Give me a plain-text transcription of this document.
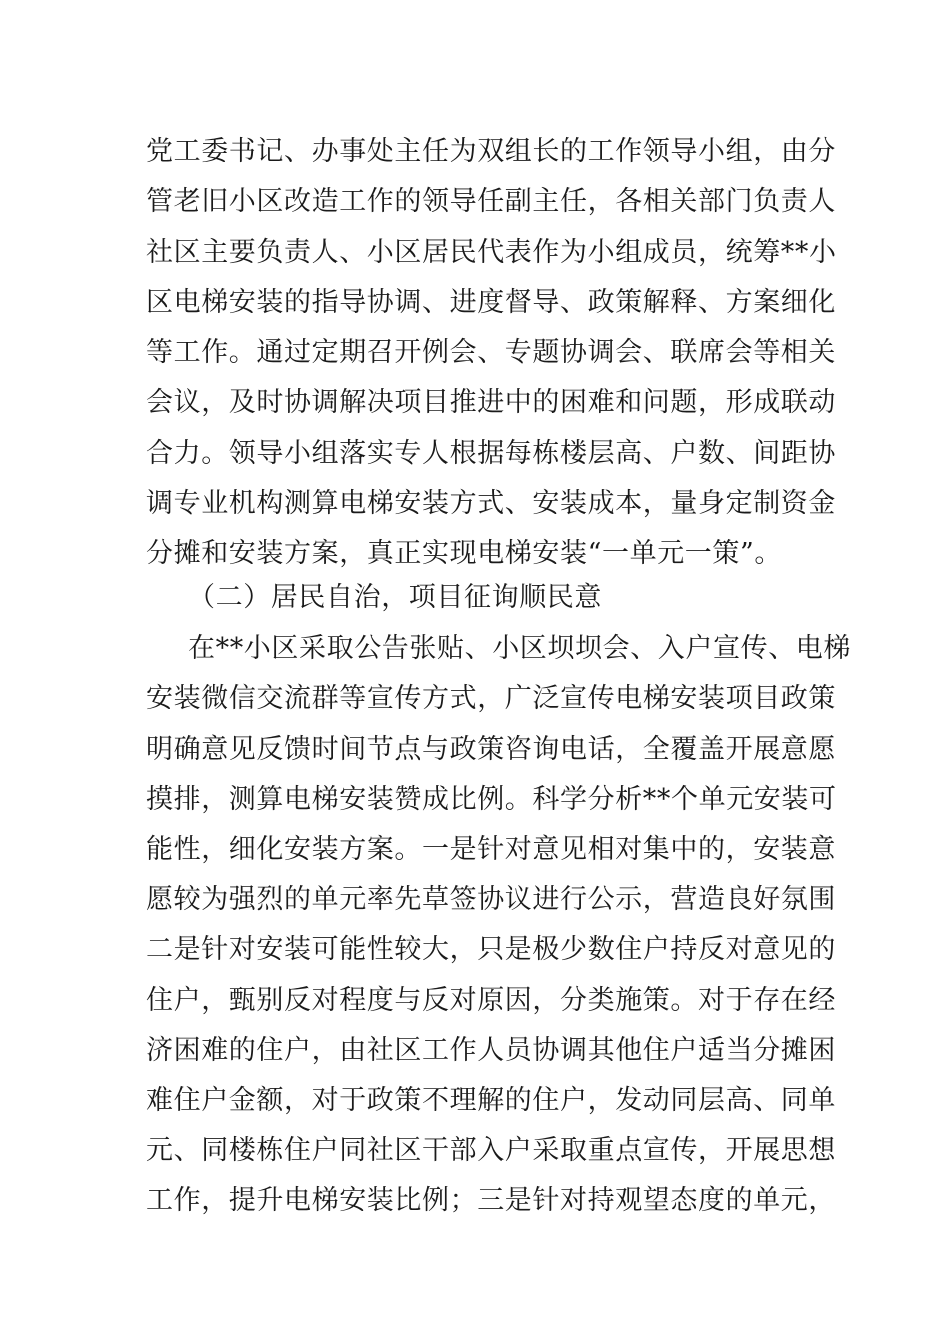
党工委书记、办事处主任为双组长的工作领导小组，由分
管老旧小区改造工作的领导任副主任，各相关部门负责人
社区主要负责人、小区居民代表作为小组成员，统筹**小
区电梯安装的指导协调、进度督导、政策解释、方案细化
等工作。通过定期召开例会、专题协调会、联席会等相关
会议，及时协调解决项目推进中的困难和问题，形成联动
合力。领导小组落实专人根据每栋楼层高、户数、间距协
调专业机构测算电梯安装方式、安装成本，量身定制资金
分摊和安装方案，真正实现电梯安装“一单元一策”。
（二）居民自治，项目征询顺民意
在**小区采取公告张贴、小区坝坝会、入户宣传、电梯
安装微信交流群等宣传方式，广泛宣传电梯安装项目政策
明确意见反馈时间节点与政策咨询电话，全覆盖开展意愿
摸排，测算电梯安装赞成比例。科学分析**个单元安装可
能性，细化安装方案。一是针对意见相对集中的，安装意
愿较为强烈的单元率先草签协议进行公示，营造良好氛围
二是针对安装可能性较大，只是极少数住户持反对意见的
住户，甄别反对程度与反对原因，分类施策。对于存在经
济困难的住户，由社区工作人员协调其他住户适当分摊困
难住户金额，对于政策不理解的住户，发动同层高、同单
元、同楼栋住户同社区干部入户采取重点宣传，开展思想
工作，提升电梯安装比例；三是针对持观望态度的单元，
